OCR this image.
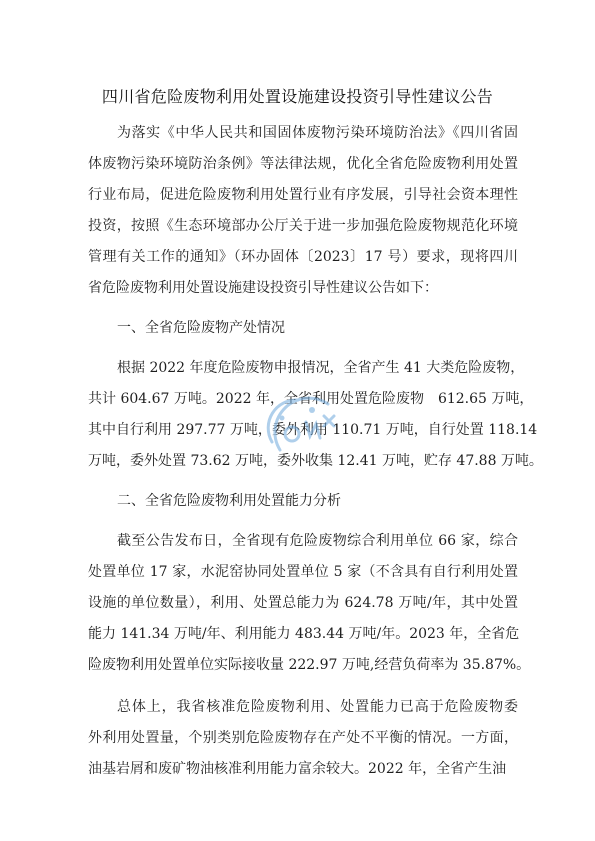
四川省危险废物利用处置设施建设投资引导性建议公告
为落实《中华人民共和国固体废物污染环境防治法》《四川省固
体废物污染环境防治条例》等法律法规，优化全省危险废物利用处置
行业布局，促进危险废物利用处置行业有序发展，引导社会资本理性
投资，按照《生态环境部办公厅关于进一步加强危险废物规范化环境
管理有关工作的通知》（环办固体〔2023〕17 号）要求，现将四川
省危险废物利用处置设施建设投资引导性建议公告如下：
一、全省危险废物产处情况
根据 2022 年度危险废物申报情况，全省产生 41 大类危险废物，
共计 604.67 万吨。2022 年，全省利用处置危险废物　612.65 万吨，
其中自行利用 297.77 万吨，委外利用 110.71 万吨，自行处置 118.14
万吨，委外处置 73.62 万吨，委外收集 12.41 万吨，贮存 47.88 万吨。
二、全省危险废物利用处置能力分析
截至公告发布日，全省现有危险废物综合利用单位 66 家，综合
处置单位 17 家，水泥窑协同处置单位 5 家（不含具有自行利用处置
设施的单位数量），利用、处置总能力为 624.78 万吨/年，其中处置
能力 141.34 万吨/年、利用能力 483.44 万吨/年。2023 年，全省危
险废物利用处置单位实际接收量 222.97 万吨,经营负荷率为 35.87%。
总体上，我省核准危险废物利用、处置能力已高于危险废物委
外利用处置量，个别类别危险废物存在产处不平衡的情况。一方面，
油基岩屑和废矿物油核准利用能力富余较大。2022 年，全省产生油
